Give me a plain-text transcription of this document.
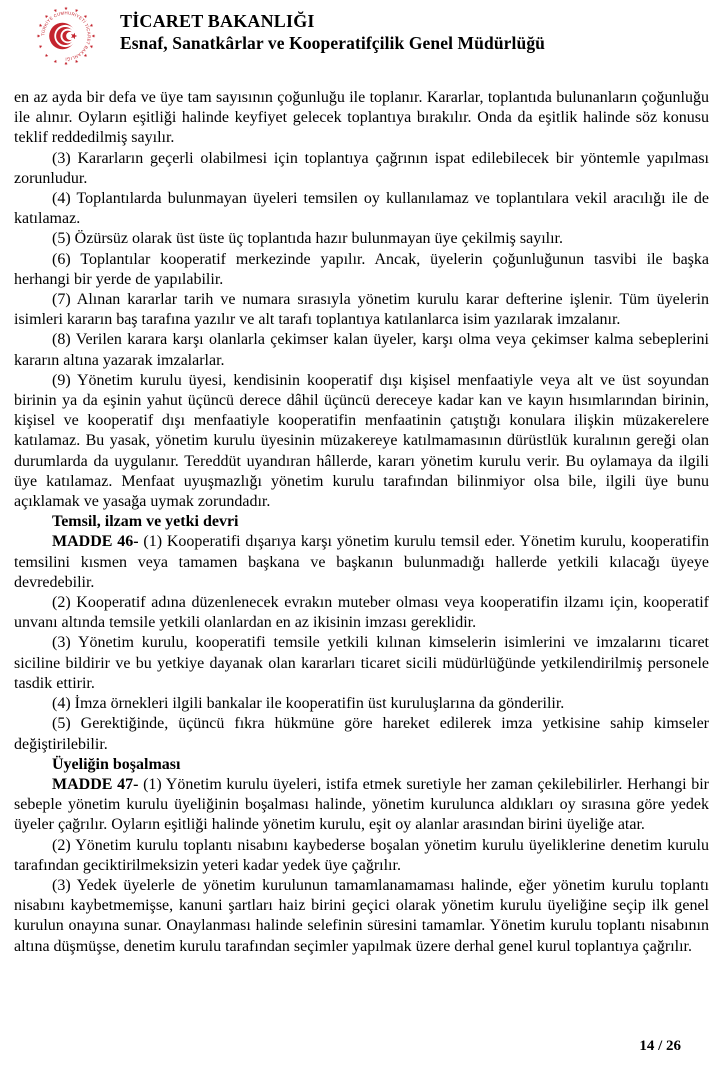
TÜRKİYE CUMHURİYETİ TİCARET BAKANLIĞI
TİCARET BAKANLIĞI
Esnaf, Sanatkârlar ve Kooperatifçilik Genel Müdürlüğü

en az ayda bir defa ve üye tam sayısının çoğunluğu ile toplanır. Kararlar, toplantıda bulunanların çoğunluğu ile alınır. Oyların eşitliği halinde keyfiyet gelecek toplantıya bırakılır. Onda da eşitlik halinde söz konusu teklif reddedilmiş sayılır.

(3) Kararların geçerli olabilmesi için toplantıya çağrının ispat edilebilecek bir yöntemle yapılması zorunludur.

(4) Toplantılarda bulunmayan üyeleri temsilen oy kullanılamaz ve toplantılara vekil aracılığı ile de katılamaz.

(5) Özürsüz olarak üst üste üç toplantıda hazır bulunmayan üye çekilmiş sayılır.

(6) Toplantılar kooperatif merkezinde yapılır. Ancak, üyelerin çoğunluğunun tasvibi ile başka herhangi bir yerde de yapılabilir.

(7) Alınan kararlar tarih ve numara sırasıyla yönetim kurulu karar defterine işlenir. Tüm üyelerin isimleri kararın baş tarafına yazılır ve alt tarafı toplantıya katılanlarca isim yazılarak imzalanır.

(8) Verilen karara karşı olanlarla çekimser kalan üyeler, karşı olma veya çekimser kalma sebeplerini kararın altına yazarak imzalarlar.

(9) Yönetim kurulu üyesi, kendisinin kooperatif dışı kişisel menfaatiyle veya alt ve üst soyundan birinin ya da eşinin yahut üçüncü derece dâhil üçüncü dereceye kadar kan ve kayın hısımlarından birinin, kişisel ve kooperatif dışı menfaatiyle kooperatifin menfaatinin çatıştığı konulara ilişkin müzakerelere katılamaz. Bu yasak, yönetim kurulu üyesinin müzakereye katılmamasının dürüstlük kuralının gereği olan durumlarda da uygulanır. Tereddüt uyandıran hâllerde, kararı yönetim kurulu verir. Bu oylamaya da ilgili üye katılamaz. Menfaat uyuşmazlığı yönetim kurulu tarafından bilinmiyor olsa bile, ilgili üye bunu açıklamak ve yasağa uymak zorundadır.

Temsil, ilzam ve yetki devri

MADDE 46- (1) Kooperatifi dışarıya karşı yönetim kurulu temsil eder. Yönetim kurulu, kooperatifin temsilini kısmen veya tamamen başkana ve başkanın bulunmadığı hallerde yetkili kılacağı üyeye devredebilir.

(2) Kooperatif adına düzenlenecek evrakın muteber olması veya kooperatifin ilzamı için, kooperatif unvanı altında temsile yetkili olanlardan en az ikisinin imzası gereklidir.

(3) Yönetim kurulu, kooperatifi temsile yetkili kılınan kimselerin isimlerini ve imzalarını ticaret siciline bildirir ve bu yetkiye dayanak olan kararları ticaret sicili müdürlüğünde yetkilendirilmiş personele tasdik ettirir.

(4) İmza örnekleri ilgili bankalar ile kooperatifin üst kuruluşlarına da gönderilir.

(5) Gerektiğinde, üçüncü fıkra hükmüne göre hareket edilerek imza yetkisine sahip kimseler değiştirilebilir.

Üyeliğin boşalması

MADDE 47- (1) Yönetim kurulu üyeleri, istifa etmek suretiyle her zaman çekilebilirler. Herhangi bir sebeple yönetim kurulu üyeliğinin boşalması halinde, yönetim kurulunca aldıkları oy sırasına göre yedek üyeler çağrılır. Oyların eşitliği halinde yönetim kurulu, eşit oy alanlar arasından birini üyeliğe atar.

(2) Yönetim kurulu toplantı nisabını kaybederse boşalan yönetim kurulu üyeliklerine denetim kurulu tarafından geciktirilmeksizin yeteri kadar yedek üye çağrılır.

(3) Yedek üyelerle de yönetim kurulunun tamamlanamaması halinde, eğer yönetim kurulu toplantı nisabını kaybetmemişse, kanuni şartları haiz birini geçici olarak yönetim kurulu üyeliğine seçip ilk genel kurulun onayına sunar. Onaylanması halinde selefinin süresini tamamlar. Yönetim kurulu toplantı nisabının altına düşmüşse, denetim kurulu tarafından seçimler yapılmak üzere derhal genel kurul toplantıya çağrılır.

14 / 26
